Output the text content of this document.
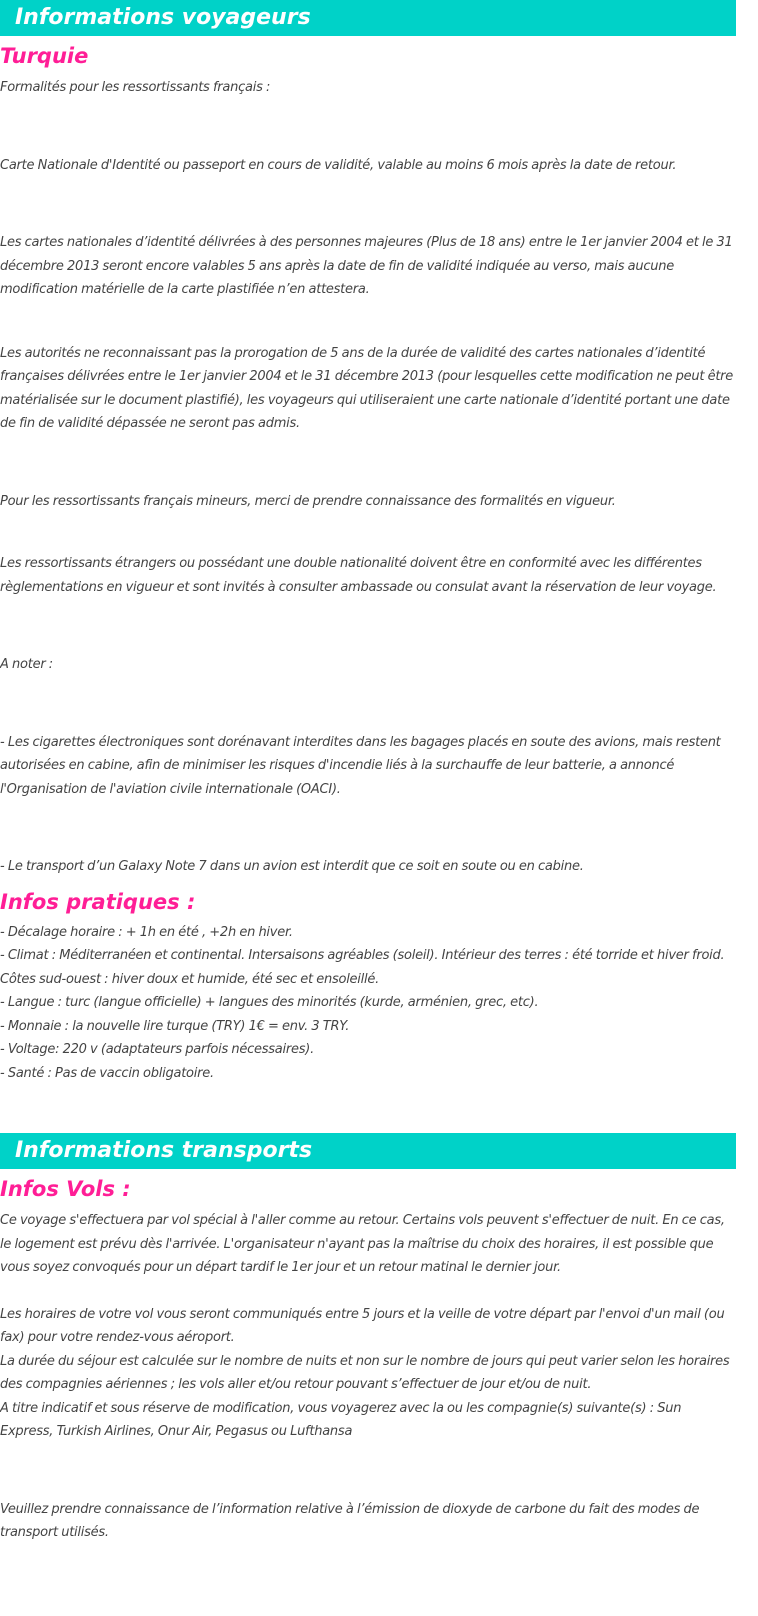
Informations voyageurs
Turquie

Formalités pour les ressortissants français :

Carte Nationale d'Identité ou passeport en cours de validité, valable au moins 6 mois après la date de retour.

Les cartes nationales d’identité délivrées à des personnes majeures (Plus de 18 ans) entre le 1er janvier 2004 et le 31 décembre 2013 seront encore valables 5 ans après la date de fin de validité indiquée au verso, mais aucune modification matérielle de la carte plastifiée n’en attestera.

Les autorités ne reconnaissant pas la prorogation de 5 ans de la durée de validité des cartes nationales d’identité françaises délivrées entre le 1er janvier 2004 et le 31 décembre 2013 (pour lesquelles cette modification ne peut être matérialisée sur le document plastifié), les voyageurs qui utiliseraient une carte nationale d’identité portant une date de fin de validité dépassée ne seront pas admis.

Pour les ressortissants français mineurs, merci de prendre connaissance des formalités en vigueur.

Les ressortissants étrangers ou possédant une double nationalité doivent être en conformité avec les différentes règlementations en vigueur et sont invités à consulter ambassade ou consulat avant la réservation de leur voyage.

A noter :

- Les cigarettes électroniques sont dorénavant interdites dans les bagages placés en soute des avions, mais restent autorisées en cabine, afin de minimiser les risques d'incendie liés à la surchauffe de leur batterie, a annoncé l'Organisation de l'aviation civile internationale (OACI).

- Le transport d’un Galaxy Note 7 dans un avion est interdit que ce soit en soute ou en cabine.

Infos pratiques :

- Décalage horaire : + 1h en été , +2h en hiver.

- Climat : Méditerranéen et continental. Intersaisons agréables (soleil). Intérieur des terres : été torride et hiver froid.

Côtes sud-ouest : hiver doux et humide, été sec et ensoleillé.

- Langue : turc (langue officielle) + langues des minorités (kurde, arménien, grec, etc).

- Monnaie : la nouvelle lire turque (TRY) 1€ = env. 3 TRY.

- Voltage: 220 v (adaptateurs parfois nécessaires).

- Santé : Pas de vaccin obligatoire.

Informations transports
Infos Vols :

Ce voyage s'effectuera par vol spécial à l'aller comme au retour. Certains vols peuvent s'effectuer de nuit. En ce cas, le logement est prévu dès l'arrivée. L'organisateur n'ayant pas la maîtrise du choix des horaires, il est possible que vous soyez convoqués pour un départ tardif le 1er jour et un retour matinal le dernier jour.

Les horaires de votre vol vous seront communiqués entre 5 jours et la veille de votre départ par l'envoi d'un mail (ou fax) pour votre rendez-vous aéroport.

La durée du séjour est calculée sur le nombre de nuits et non sur le nombre de jours qui peut varier selon les horaires des compagnies aériennes ; les vols aller et/ou retour pouvant s’effectuer de jour et/ou de nuit.

A titre indicatif et sous réserve de modification, vous voyagerez avec la ou les compagnie(s) suivante(s) : Sun Express, Turkish Airlines, Onur Air, Pegasus ou Lufthansa

Veuillez prendre connaissance de l’information relative à l’émission de dioxyde de carbone du fait des modes de transport utilisés.
